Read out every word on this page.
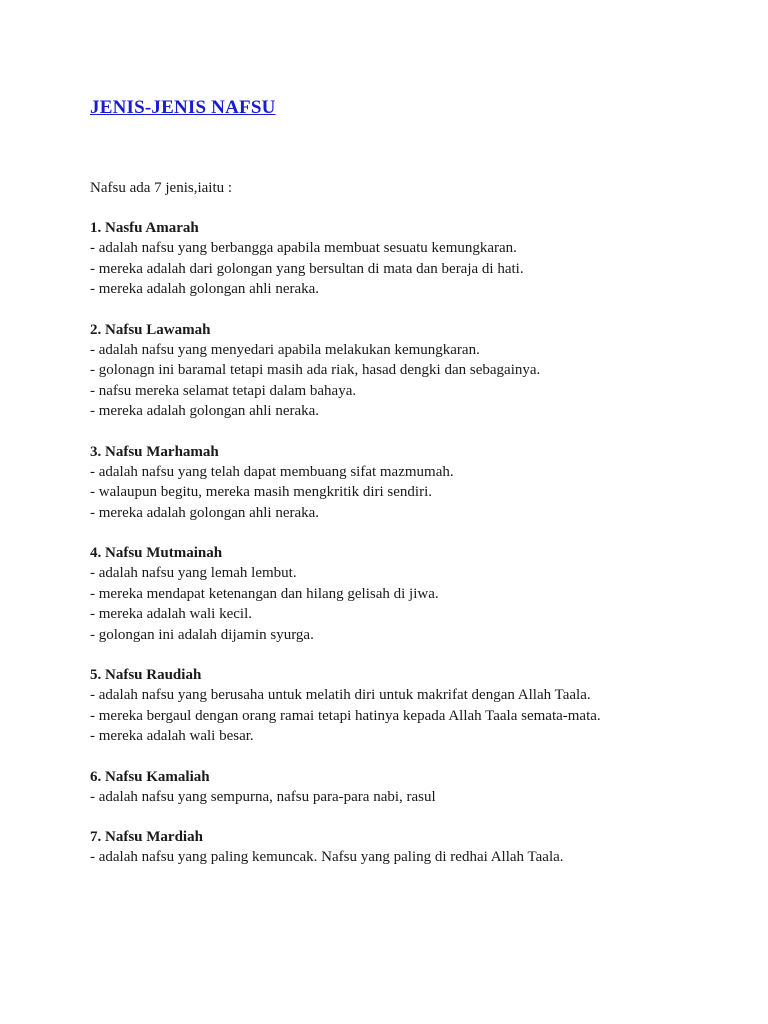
JENIS-JENIS NAFSU

Nafsu ada 7 jenis,iaitu :

1. Nasfu Amarah

- adalah nafsu yang berbangga apabila membuat sesuatu kemungkaran.

- mereka adalah dari golongan yang bersultan di mata dan beraja di hati.

- mereka adalah golongan ahli neraka.

2. Nafsu Lawamah

- adalah nafsu yang menyedari apabila melakukan kemungkaran.

- golonagn ini baramal tetapi masih ada riak, hasad dengki dan sebagainya.

- nafsu mereka selamat tetapi dalam bahaya.

- mereka adalah golongan ahli neraka.

3. Nafsu Marhamah

- adalah nafsu yang telah dapat membuang sifat mazmumah.

- walaupun begitu, mereka masih mengkritik diri sendiri.

- mereka adalah golongan ahli neraka.

4. Nafsu Mutmainah

- adalah nafsu yang lemah lembut.

- mereka mendapat ketenangan dan hilang gelisah di jiwa.

- mereka adalah wali kecil.

- golongan ini adalah dijamin syurga.

5. Nafsu Raudiah

- adalah nafsu yang berusaha untuk melatih diri untuk makrifat dengan Allah Taala.

- mereka bergaul dengan orang ramai tetapi hatinya kepada Allah Taala semata-mata.

- mereka adalah wali besar.

6. Nafsu Kamaliah

- adalah nafsu yang sempurna, nafsu para-para nabi, rasul

7. Nafsu Mardiah

- adalah nafsu yang paling kemuncak. Nafsu yang paling di redhai Allah Taala.
